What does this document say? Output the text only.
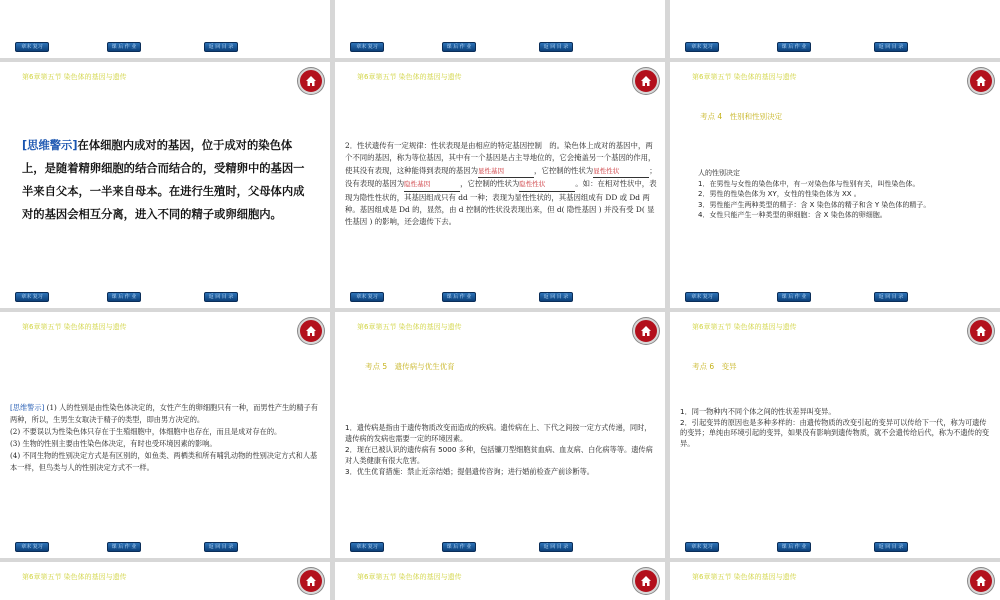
章末 复习	课 后 作 业	返 回 目 录	章末 复习	课 后 作 业	返 回 目 录	章末 复习	课 后 作 业	返 回 目 录
第6章第五节 染色体的基因与遗传
[思维警示]在体细胞内成对的基因，位于成对的染色体上，是随着精卵细胞的结合而结合的，受精卵中的基因一半来自父本，一半来自母本。在进行生殖时，父母体内成对的基因会相互分离，进入不同的精子或卵细胞内。
章末 复习	课 后 作 业	返 回 目 录
第6章第五节 染色体的基因与遗传
2．性状遗传有一定规律：性状表现是由相应的特定基因控制　的。染色体上成对的基因中，两个不同的基因，称为等位基因，其中有一个基因是占主导地位的，它会掩盖另一个基因的作用，使其没有表现，这种能得到表现的基因为显性基因	，它控制的性状为显性性状	；没有表现的基因为隐性基因	，它控制的性状为隐性性状	。如：在相对性状中，表现为隐性性状的，其基因组成只有 dd 一种；表现为显性性状的，其基因组成有 DD 或 Dd 两种。基因组成是 Dd 的，显然，由 d 控制的性状没表现出来，但 d( 隐性基因 ) 并没有受 D( 显性基因 ) 的影响，还会遗传下去。
章末 复习	课 后 作 业	返 回 目 录
第6章第五节 染色体的基因与遗传
考点 4　性别和性别决定
人的性别决定
1．在男性与女性的染色体中，有一对染色体与性别有关，叫性染色体。
2．男性的性染色体为 XY，女性的性染色体为 XX 。
3．男性能产生两种类型的精子：含 X 染色体的精子和含 Y 染色体的精子。
4．女性只能产生一种类型的卵细胞：含 X 染色体的卵细胞。
章末 复习	课 后 作 业	返 回 目 录
第6章第五节 染色体的基因与遗传
[思维警示] (1) 人的性别是由性染色体决定的，女性产生的卵细胞只有一种，而男性产生的精子有两种，所以，生男生女取决于精子的类型，即由男方决定的。
(2) 不要误以为性染色体只存在于生殖细胞中，体细胞中也存在，而且是成对存在的。
(3) 生物的性别主要由性染色体决定，有时也受环境因素的影响。
(4) 不同生物的性别决定方式是有区别的，如鱼类、两栖类和所有哺乳动物的性别决定方式和人基本一样，但鸟类与人的性别决定方式不一样。
章末 复习	课 后 作 业	返 回 目 录
第6章第五节 染色体的基因与遗传
考点 5　遗传病与优生优育
1．遗传病是指由于遗传物质改变而造成的疾病。遗传病在上、下代之间按一定方式传递，同时，遗传病的发病也需要一定的环境因素。
2．现在已被认识的遗传病有 5000 多种，包括镰刀型细胞贫血病、血友病、白化病等等。遗传病对人类健康有很大危害。
3．优生优育措施：禁止近亲结婚；提倡遗传咨询；进行婚前检查产前诊断等。
章末 复习	课 后 作 业	返 回 目 录
第6章第五节 染色体的基因与遗传
考点 6　变异
1．同一物种内不同个体之间的性状差异叫变异。
2．引起变异的原因也是多种多样的：由遗传物质的改变引起的变异可以传给下一代，称为可遗传的变异；单纯由环境引起的变异，如果没有影响到遗传物质，就不会遗传给后代，称为不遗传的变异。
章末 复习	课 后 作 业	返 回 目 录
第6章第五节 染色体的基因与遗传	第6章第五节 染色体的基因与遗传	第6章第五节 染色体的基因与遗传
